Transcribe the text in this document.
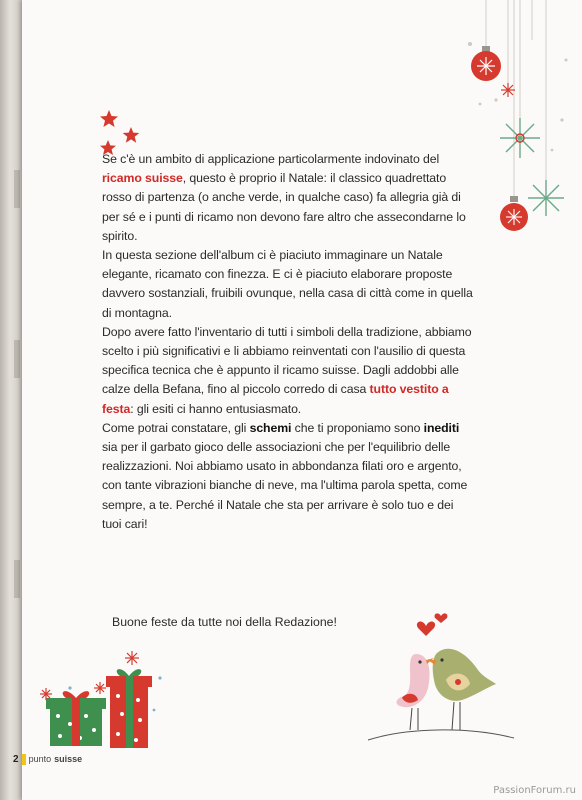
Se c'è un ambito di applicazione particolarmente indovinato del ricamo suisse, questo è proprio il Natale: il classico quadrettato rosso di partenza (o anche verde, in qualche caso) fa allegria già di per sé e i punti di ricamo non devono fare altro che assecondarne lo spirito.

In questa sezione dell'album ci è piaciuto immaginare un Natale elegante, ricamato con finezza. E ci è piaciuto elaborare proposte davvero sostanziali, fruibili ovunque, nella casa di città come in quella di montagna.

Dopo avere fatto l'inventario di tutti i simboli della tradizione, abbiamo scelto i più significativi e li abbiamo reinventati con l'ausilio di questa specifica tecnica che è appunto il ricamo suisse. Dagli addobbi alle calze della Befana, fino al piccolo corredo di casa tutto vestito a festa: gli esiti ci hanno entusiasmato.

Come potrai constatare, gli schemi che ti proponiamo sono inediti sia per il garbato gioco delle associazioni che per l'equilibrio delle realizzazioni. Noi abbiamo usato in abbondanza filati oro e argento, con tante vibrazioni bianche di neve, ma l'ultima parola spetta, come sempre, a te. Perché il Natale che sta per arrivare è solo tuo e dei tuoi cari!

Buone feste da tutte noi della Redazione!
2 punto suisse
PassionForum.ru
